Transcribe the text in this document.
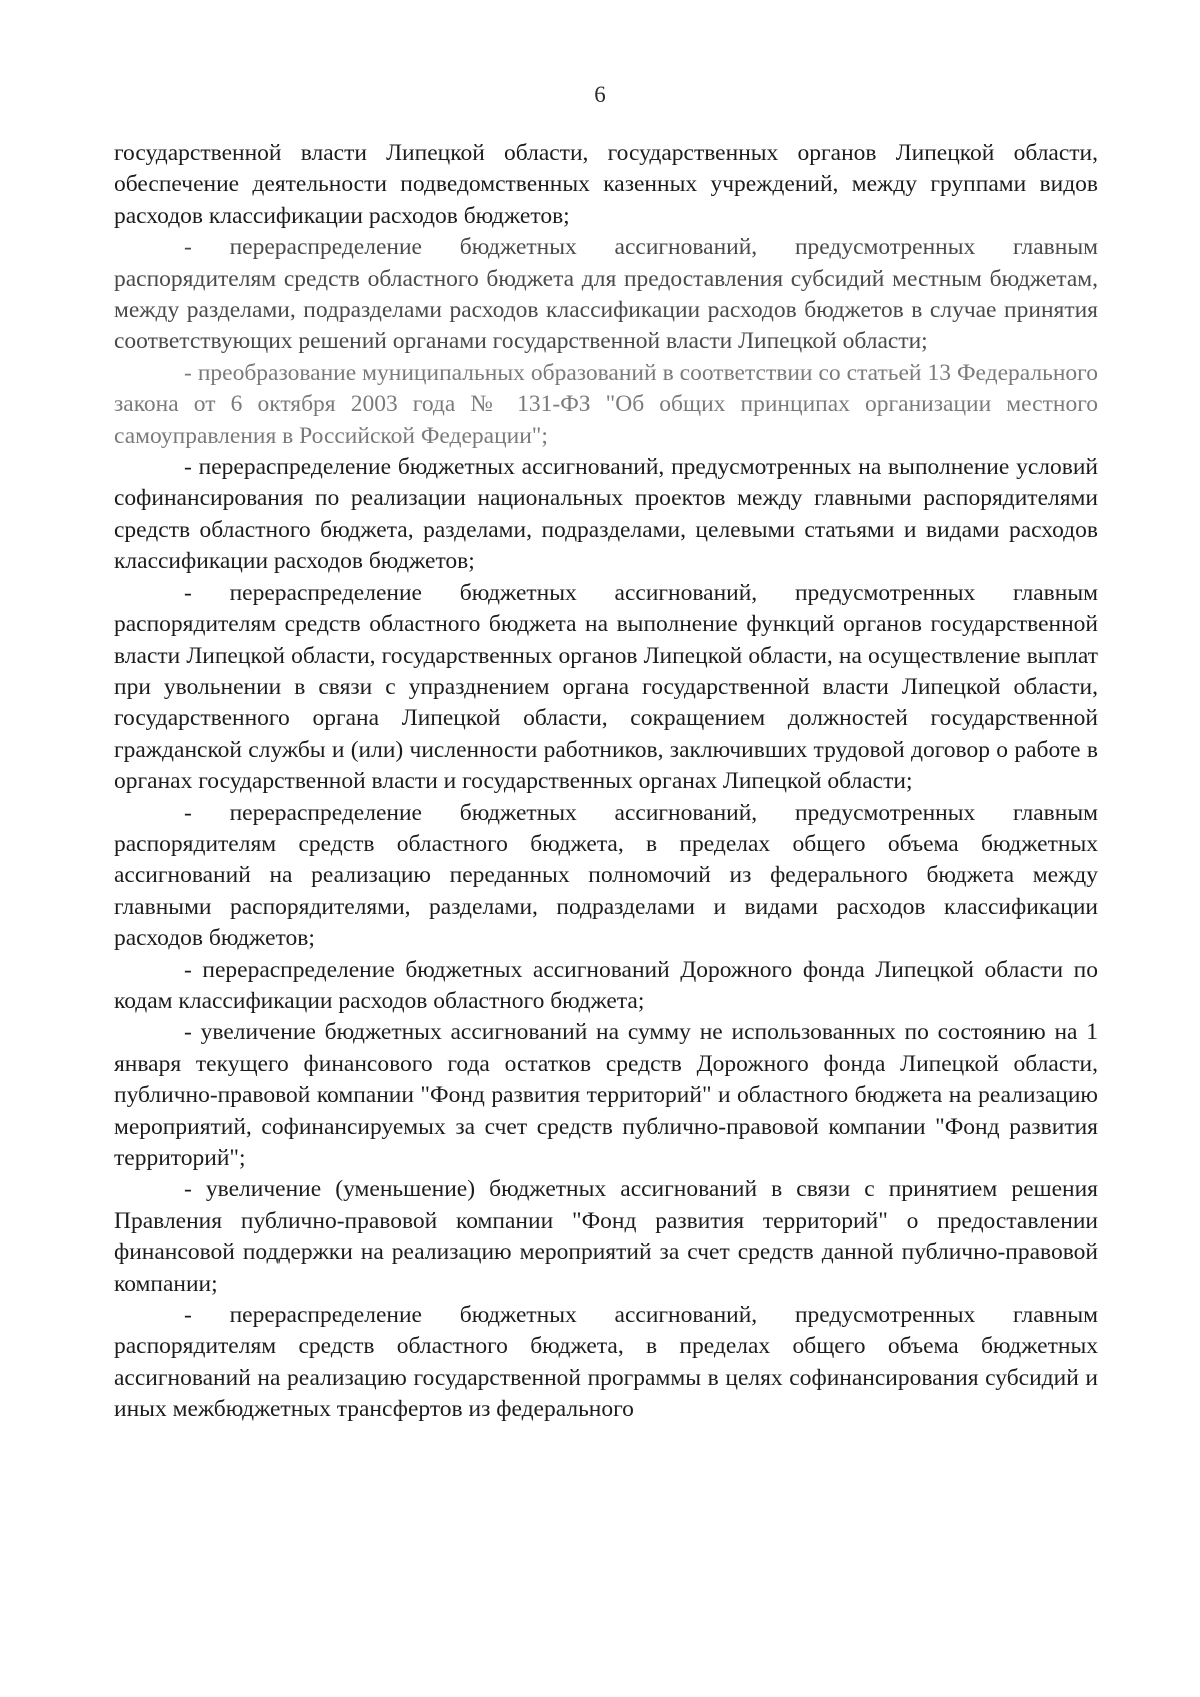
6

государственной власти Липецкой области, государственных органов Липецкой области, обеспечение деятельности подведомственных казенных учреждений, между группами видов расходов классификации расходов бюджетов;

- перераспределение бюджетных ассигнований, предусмотренных главным распорядителям средств областного бюджета для предоставления субсидий местным бюджетам, между разделами, подразделами расходов классификации расходов бюджетов в случае принятия соответствующих решений органами государственной власти Липецкой области;

- преобразование муниципальных образований в соответствии со статьей 13 Федерального закона от 6 октября 2003 года № 131-ФЗ "Об общих принципах организации местного самоуправления в Российской Федерации";

- перераспределение бюджетных ассигнований, предусмотренных на выполнение условий софинансирования по реализации национальных проектов между главными распорядителями средств областного бюджета, разделами, подразделами, целевыми статьями и видами расходов классификации расходов бюджетов;

- перераспределение бюджетных ассигнований, предусмотренных главным распорядителям средств областного бюджета на выполнение функций органов государственной власти Липецкой области, государственных органов Липецкой области, на осуществление выплат при увольнении в связи с упразднением органа государственной власти Липецкой области, государственного органа Липецкой области, сокращением должностей государственной гражданской службы и (или) численности работников, заключивших трудовой договор о работе в органах государственной власти и государственных органах Липецкой области;

- перераспределение бюджетных ассигнований, предусмотренных главным распорядителям средств областного бюджета, в пределах общего объема бюджетных ассигнований на реализацию переданных полномочий из федерального бюджета между главными распорядителями, разделами, подразделами и видами расходов классификации расходов бюджетов;

- перераспределение бюджетных ассигнований Дорожного фонда Липецкой области по кодам классификации расходов областного бюджета;

- увеличение бюджетных ассигнований на сумму не использованных по состоянию на 1 января текущего финансового года остатков средств Дорожного фонда Липецкой области, публично-правовой компании "Фонд развития территорий" и областного бюджета на реализацию мероприятий, софинансируемых за счет средств публично-правовой компании "Фонд развития территорий";

- увеличение (уменьшение) бюджетных ассигнований в связи с принятием решения Правления публично-правовой компании "Фонд развития территорий" о предоставлении финансовой поддержки на реализацию мероприятий за счет средств данной публично-правовой компании;

- перераспределение бюджетных ассигнований, предусмотренных главным распорядителям средств областного бюджета, в пределах общего объема бюджетных ассигнований на реализацию государственной программы в целях софинансирования субсидий и иных межбюджетных трансфертов из федерального
